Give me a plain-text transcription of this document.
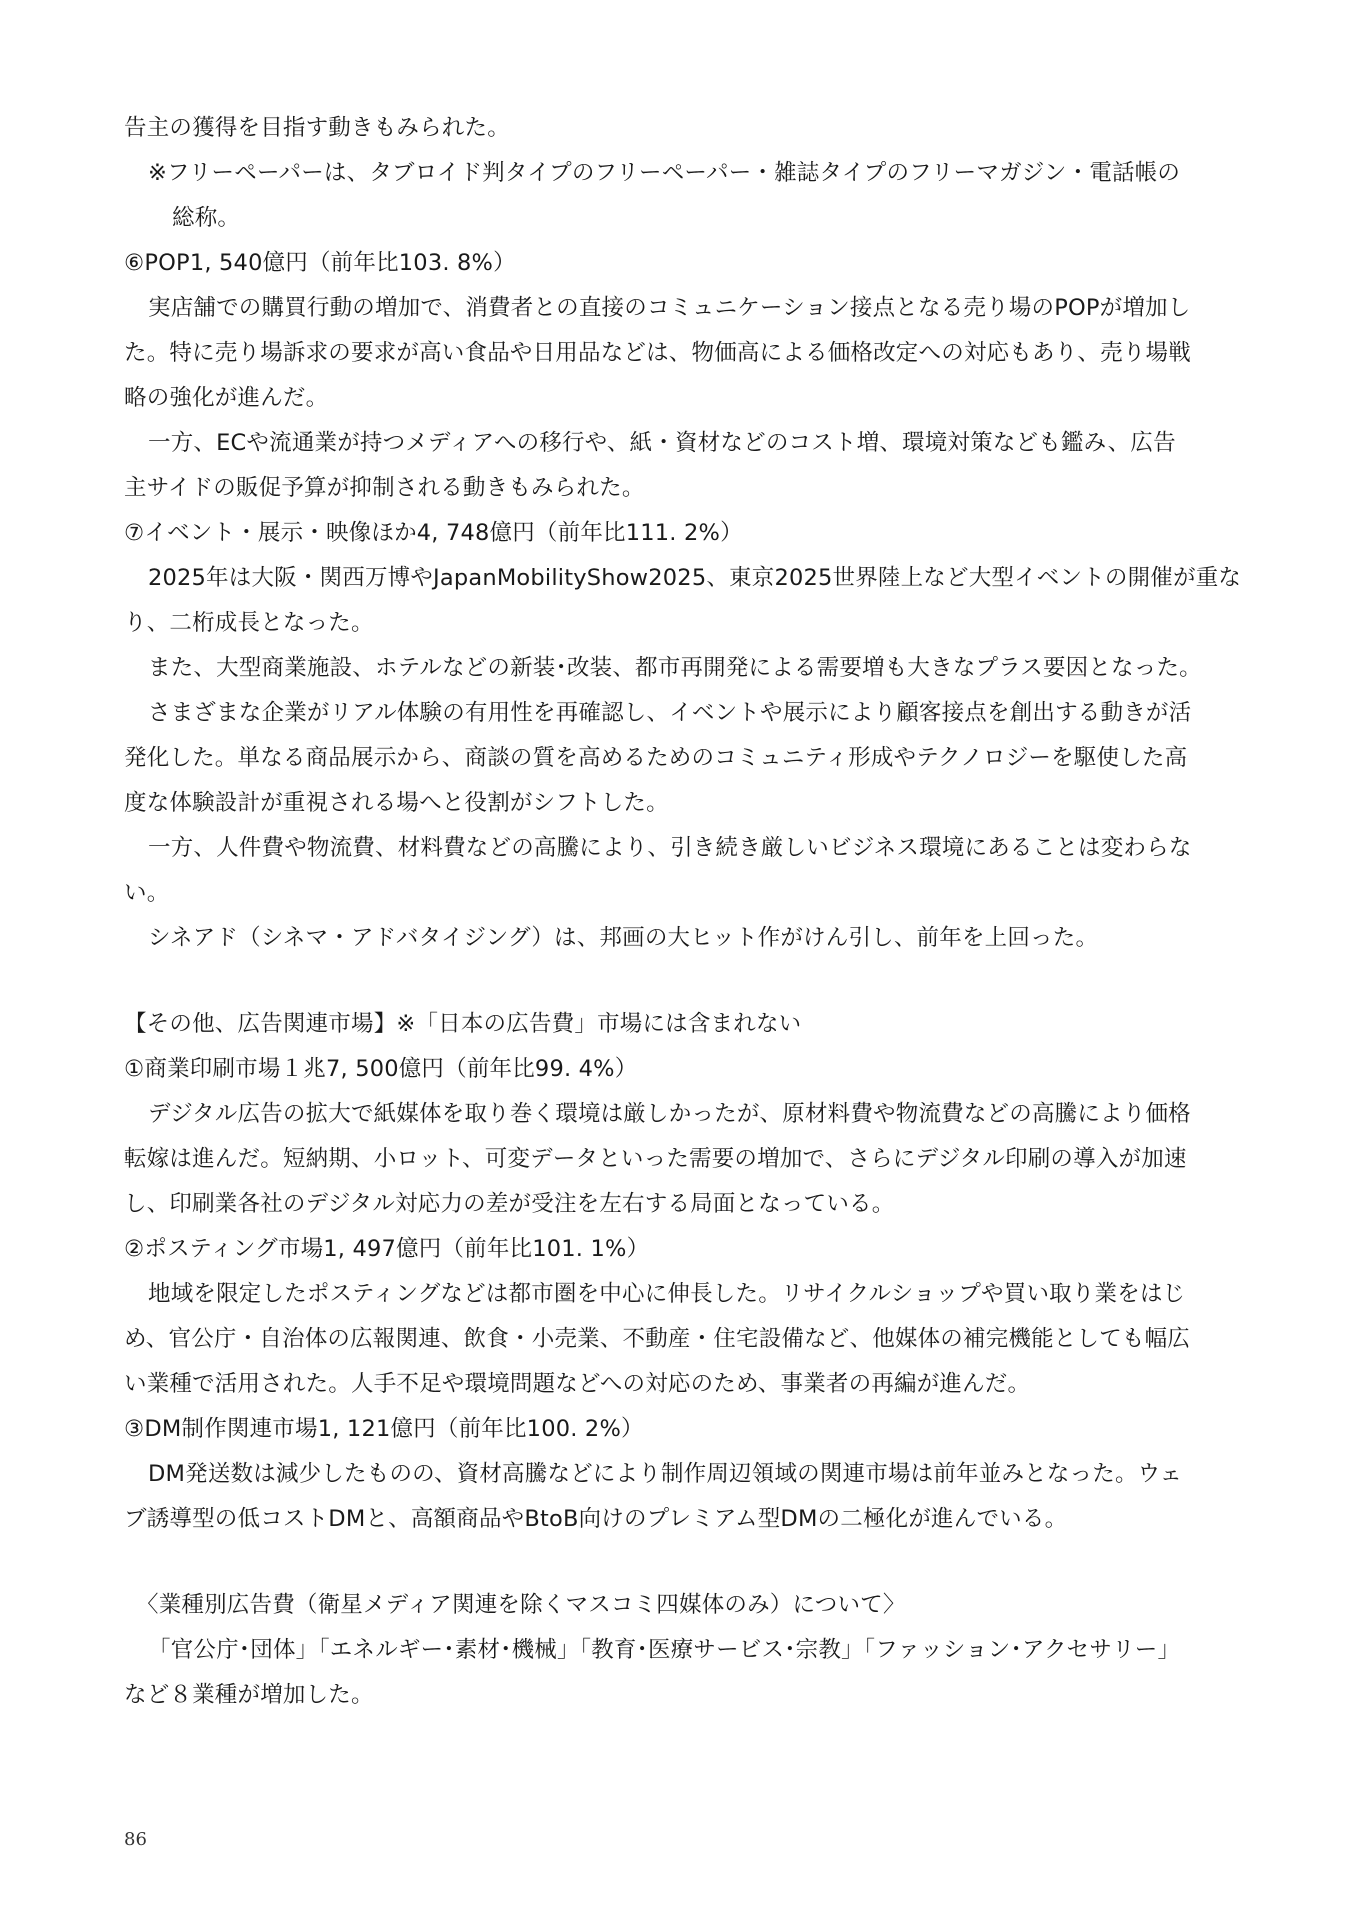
告主の獲得を目指す動きもみられた。
※フリーペーパーは、タブロイド判タイプのフリーペーパー・雑誌タイプのフリーマガジン・電話帳の
総称。
⑥POP1, 540億円（前年比103. 8%）
実店舗での購買行動の増加で、消費者との直接のコミュニケーション接点となる売り場のPOPが増加し
た。特に売り場訴求の要求が高い食品や日用品などは、物価高による価格改定への対応もあり、売り場戦
略の強化が進んだ。
一方、ECや流通業が持つメディアへの移行や、紙・資材などのコスト増、環境対策なども鑑み、広告
主サイドの販促予算が抑制される動きもみられた。
⑦イベント・展示・映像ほか4, 748億円（前年比111. 2%）
2025年は大阪・関西万博やJapanMobilityShow2025、東京2025世界陸上など大型イベントの開催が重な
り、二桁成長となった。
また、大型商業施設、ホテルなどの新装･改装、都市再開発による需要増も大きなプラス要因となった。
さまざまな企業がリアル体験の有用性を再確認し、イベントや展示により顧客接点を創出する動きが活
発化した。単なる商品展示から、商談の質を高めるためのコミュニティ形成やテクノロジーを駆使した高
度な体験設計が重視される場へと役割がシフトした。
一方、人件費や物流費、材料費などの高騰により、引き続き厳しいビジネス環境にあることは変わらな
い。
シネアド（シネマ・アドバタイジング）は、邦画の大ヒット作がけん引し、前年を上回った。
【その他、広告関連市場】※「日本の広告費」市場には含まれない
①商業印刷市場１兆7, 500億円（前年比99. 4%）
デジタル広告の拡大で紙媒体を取り巻く環境は厳しかったが、原材料費や物流費などの高騰により価格
転嫁は進んだ。短納期、小ロット、可変データといった需要の増加で、さらにデジタル印刷の導入が加速
し、印刷業各社のデジタル対応力の差が受注を左右する局面となっている。
②ポスティング市場1, 497億円（前年比101. 1%）
地域を限定したポスティングなどは都市圏を中心に伸長した。リサイクルショップや買い取り業をはじ
め、官公庁・自治体の広報関連、飲食・小売業、不動産・住宅設備など、他媒体の補完機能としても幅広
い業種で活用された。人手不足や環境問題などへの対応のため、事業者の再編が進んだ。
③DM制作関連市場1, 121億円（前年比100. 2%）
DM発送数は減少したものの、資材高騰などにより制作周辺領域の関連市場は前年並みとなった。ウェ
ブ誘導型の低コストDMと、高額商品やBtoB向けのプレミアム型DMの二極化が進んでいる。
〈業種別広告費（衛星メディア関連を除くマスコミ四媒体のみ）について〉
「官公庁･団体」「エネルギー･素材･機械」「教育･医療サービス･宗教」「ファッション･アクセサリー」
など８業種が増加した。
86
